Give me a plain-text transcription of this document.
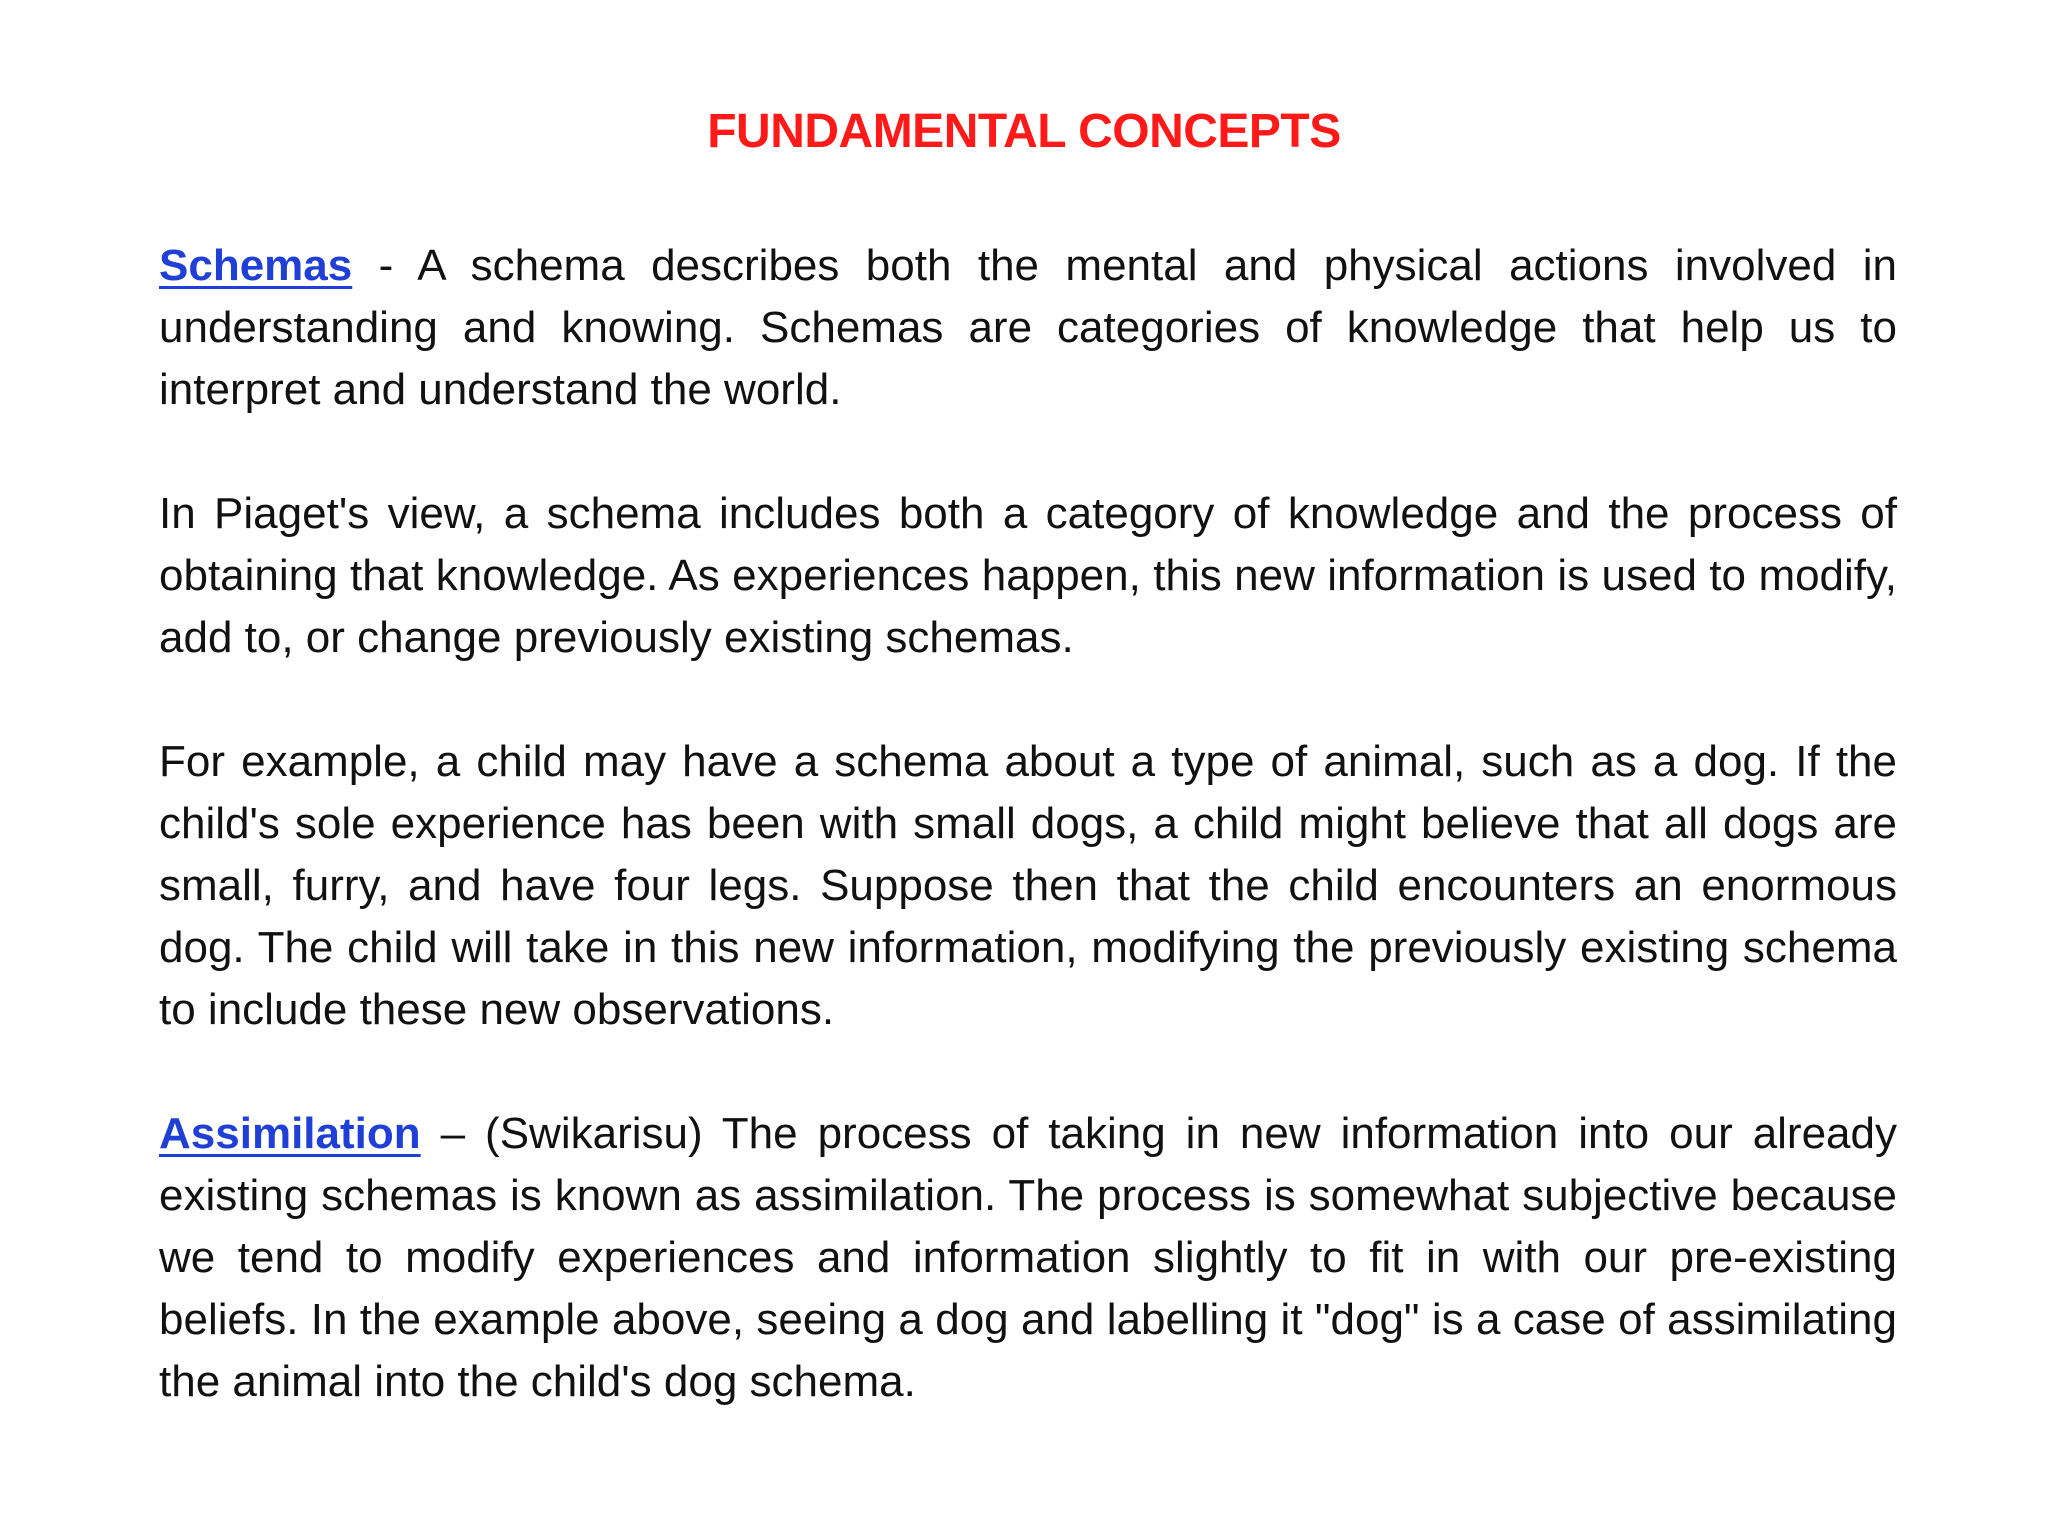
FUNDAMENTAL CONCEPTS

Schemas - A schema describes both the mental and physical actions involved in understanding and knowing. Schemas are categories of knowledge that help us to interpret and understand the world.

In Piaget's view, a schema includes both a category of knowledge and the process of obtaining that knowledge. As experiences happen, this new information is used to modify, add to, or change previously existing schemas.

For example, a child may have a schema about a type of animal, such as a dog. If the child's sole experience has been with small dogs, a child might believe that all dogs are small, furry, and have four legs. Suppose then that the child encounters an enormous dog. The child will take in this new information, modifying the previously existing schema to include these new observations.

Assimilation – (Swikarisu) The process of taking in new information into our already existing schemas is known as assimilation. The process is somewhat subjective because we tend to modify experiences and information slightly to fit in with our pre-existing beliefs. In the example above, seeing a dog and labelling it "dog" is a case of assimilating the animal into the child's dog schema.
